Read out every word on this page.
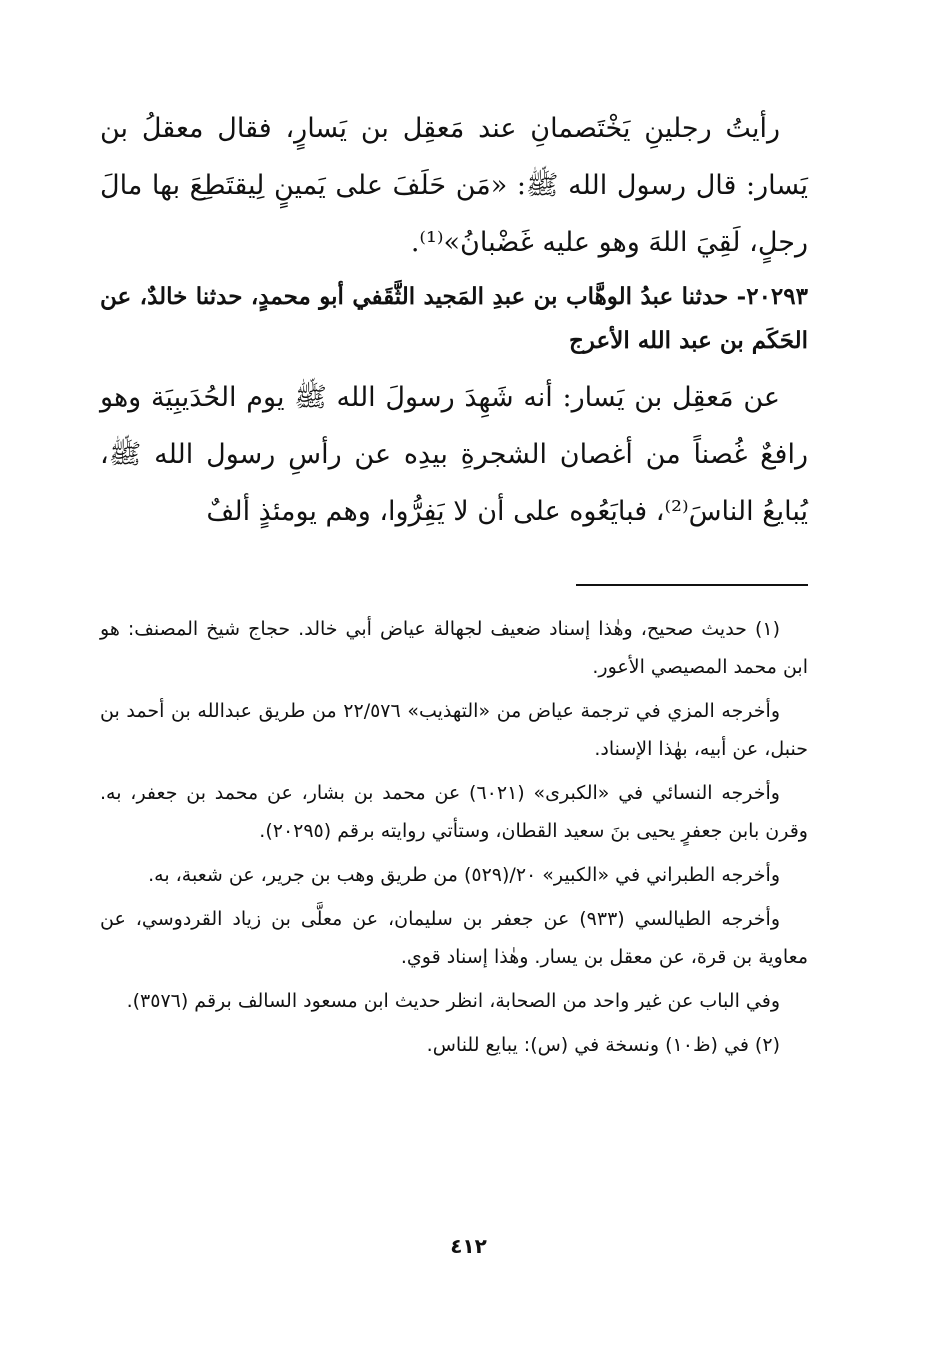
رأيتُ رجلينِ يَخْتَصمانِ عند مَعقِل بن يَسارٍ، فقال معقلُ بن يَسار: قال رسول الله ﷺ: «مَن حَلَفَ على يَمينٍ لِيقتَطِعَ بها مالَ رجلٍ، لَقِيَ اللهَ وهو عليه غَضْبانُ»⁽¹⁾.

٢٠٢٩٣- حدثنا عبدُ الوهَّاب بن عبدِ المَجيد الثَّقَفي أبو محمدٍ، حدثنا خالدٌ، عن الحَكَم بن عبد الله الأعرج

عن مَعقِل بن يَسار: أنه شَهِدَ رسولَ الله ﷺ يوم الحُدَيبِيَة وهو رافعٌ غُصناً من أغصان الشجرةِ بيدِه عن رأسِ رسول الله ﷺ، يُبايعُ الناسَ⁽²⁾، فبايَعُوه على أن لا يَفِرُّوا، وهم يومئذٍ ألفٌ

(١) حديث صحيح، وهٰذا إسناد ضعيف لجهالة عياض أبي خالد. حجاج شيخ المصنف: هو ابن محمد المصيصي الأعور.

وأخرجه المزي في ترجمة عياض من «التهذيب» ٢٢/٥٧٦ من طريق عبدالله بن أحمد بن حنبل، عن أبيه، بهٰذا الإسناد.

وأخرجه النسائي في «الكبرى» (٦٠٢١) عن محمد بن بشار، عن محمد بن جعفر، به. وقرن بابن جعفرٍ يحيى بنَ سعيد القطان، وستأتي روايته برقم (٢٠٢٩٥).

وأخرجه الطبراني في «الكبير» ٢٠/(٥٢٩) من طريق وهب بن جرير، عن شعبة، به.

وأخرجه الطيالسي (٩٣٣) عن جعفر بن سليمان، عن معلَّى بن زياد القردوسي، عن معاوية بن قرة، عن معقل بن يسار. وهٰذا إسناد قوي.

وفي الباب عن غير واحد من الصحابة، انظر حديث ابن مسعود السالف برقم (٣٥٧٦).

(٢) في (ظ١٠) ونسخة في (س): يبايع للناس.

٤١٢
